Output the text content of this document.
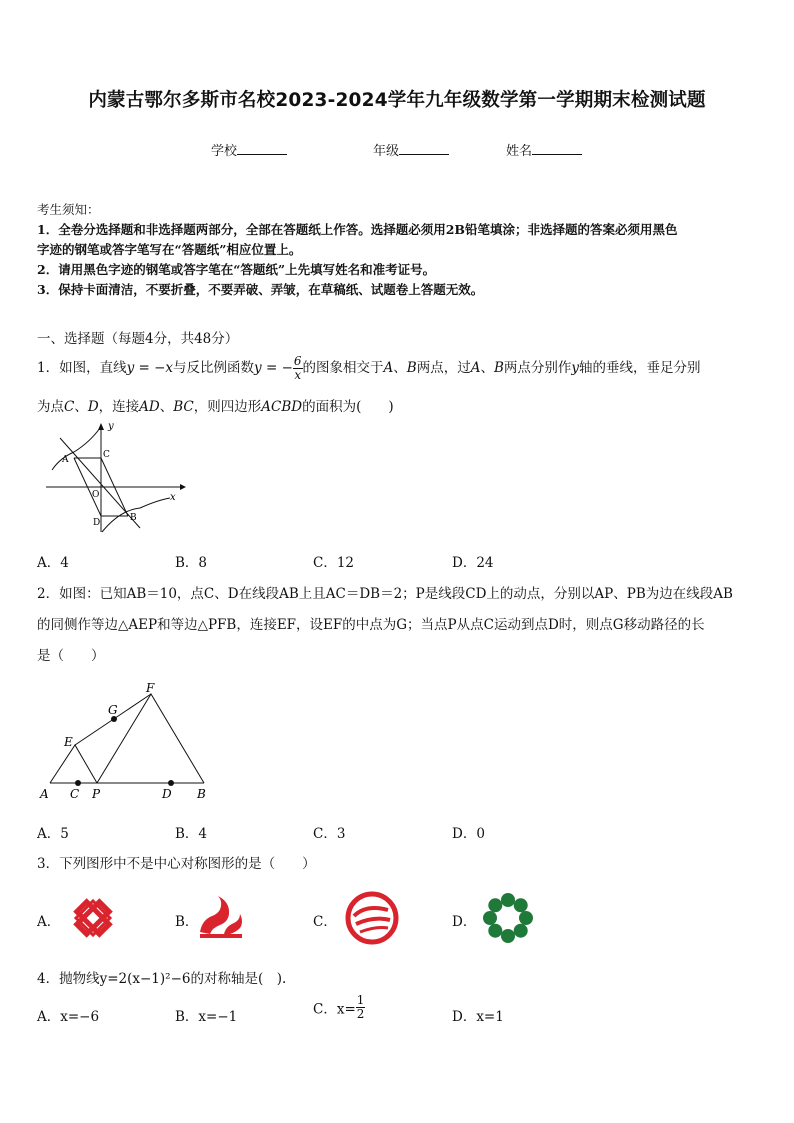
内蒙古鄂尔多斯市名校2023-2024学年九年级数学第一学期期末检测试题
学校	年级	姓名
考生须知：
1．全卷分选择题和非选择题两部分，全部在答题纸上作答。选择题必须用2B铅笔填涂；非选择题的答案必须用黑色
字迹的钢笔或答字笔写在“答题纸”相应位置上。
2．请用黑色字迹的钢笔或答字笔在“答题纸”上先填写姓名和准考证号。
3．保持卡面清洁，不要折叠，不要弄破、弄皱，在草稿纸、试题卷上答题无效。
一、选择题（每题4分，共48分）
1．如图，直线y = −x与反比例函数y = − $\frac{6}{x}$ 的图象相交于A、B两点，过A、B两点分别作y轴的垂线，垂足分别
为点C、D，连接AD、BC，则四边形ACBD的面积为(　　)
y
x
A	C
O
D	B
A．4	B．8	C．12	D．24
2．如图：已知AB＝10，点C、D在线段AB上且AC＝DB＝2；P是线段CD上的动点，分别以AP、PB为边在线段AB
的同侧作等边△AEP和等边△PFB，连接EF，设EF的中点为G；当点P从点C运动到点D时，则点G移动路径的长
是（　　）
F
G
E
A C P	D B
A．5	B．4	C．3	D．0
3．下列图形中不是中心对称图形的是（　　）
A．	B．	C．	D．
4．抛物线y=2(x−1)²−6的对称轴是(　).
A．x=−6	B．x=−1	C．$x= \frac{1}{2}$	D．x=1
